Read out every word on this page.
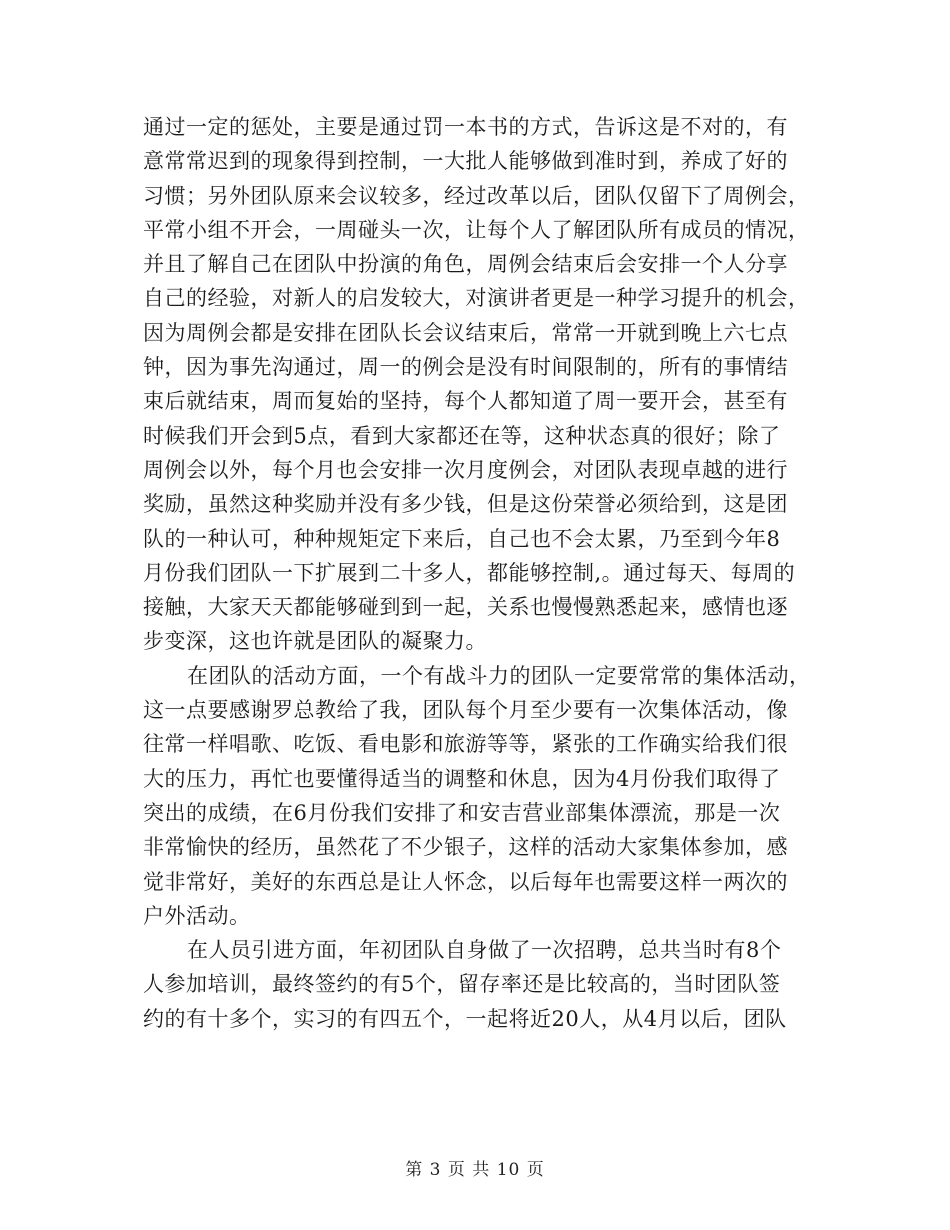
通过一定的惩处，主要是通过罚一本书的方式，告诉这是不对的，有
意常常迟到的现象得到控制，一大批人能够做到准时到，养成了好的
习惯；另外团队原来会议较多，经过改革以后，团队仅留下了周例会，
平常小组不开会，一周碰头一次，让每个人了解团队所有成员的情况，
并且了解自己在团队中扮演的角色，周例会结束后会安排一个人分享
自己的经验，对新人的启发较大，对演讲者更是一种学习提升的机会，
因为周例会都是安排在团队长会议结束后，常常一开就到晚上六七点
钟，因为事先沟通过，周一的例会是没有时间限制的，所有的事情结
束后就结束，周而复始的坚持，每个人都知道了周一要开会，甚至有
时候我们开会到5点，看到大家都还在等，这种状态真的很好；除了
周例会以外，每个月也会安排一次月度例会，对团队表现卓越的进行
奖励，虽然这种奖励并没有多少钱，但是这份荣誉必须给到，这是团
队的一种认可，种种规矩定下来后，自己也不会太累，乃至到今年8
月份我们团队一下扩展到二十多人，都能够控制,。通过每天、每周的
接触，大家天天都能够碰到到一起，关系也慢慢熟悉起来，感情也逐
步变深，这也许就是团队的凝聚力。
在团队的活动方面，一个有战斗力的团队一定要常常的集体活动，
这一点要感谢罗总教给了我，团队每个月至少要有一次集体活动，像
往常一样唱歌、吃饭、看电影和旅游等等，紧张的工作确实给我们很
大的压力，再忙也要懂得适当的调整和休息，因为4月份我们取得了
突出的成绩，在6月份我们安排了和安吉营业部集体漂流，那是一次
非常愉快的经历，虽然花了不少银子，这样的活动大家集体参加，感
觉非常好，美好的东西总是让人怀念，以后每年也需要这样一两次的
户外活动。
在人员引进方面，年初团队自身做了一次招聘，总共当时有8个
人参加培训，最终签约的有5个，留存率还是比较高的，当时团队签
约的有十多个，实习的有四五个，一起将近20人，从4月以后，团队
第 3 页 共 10 页
